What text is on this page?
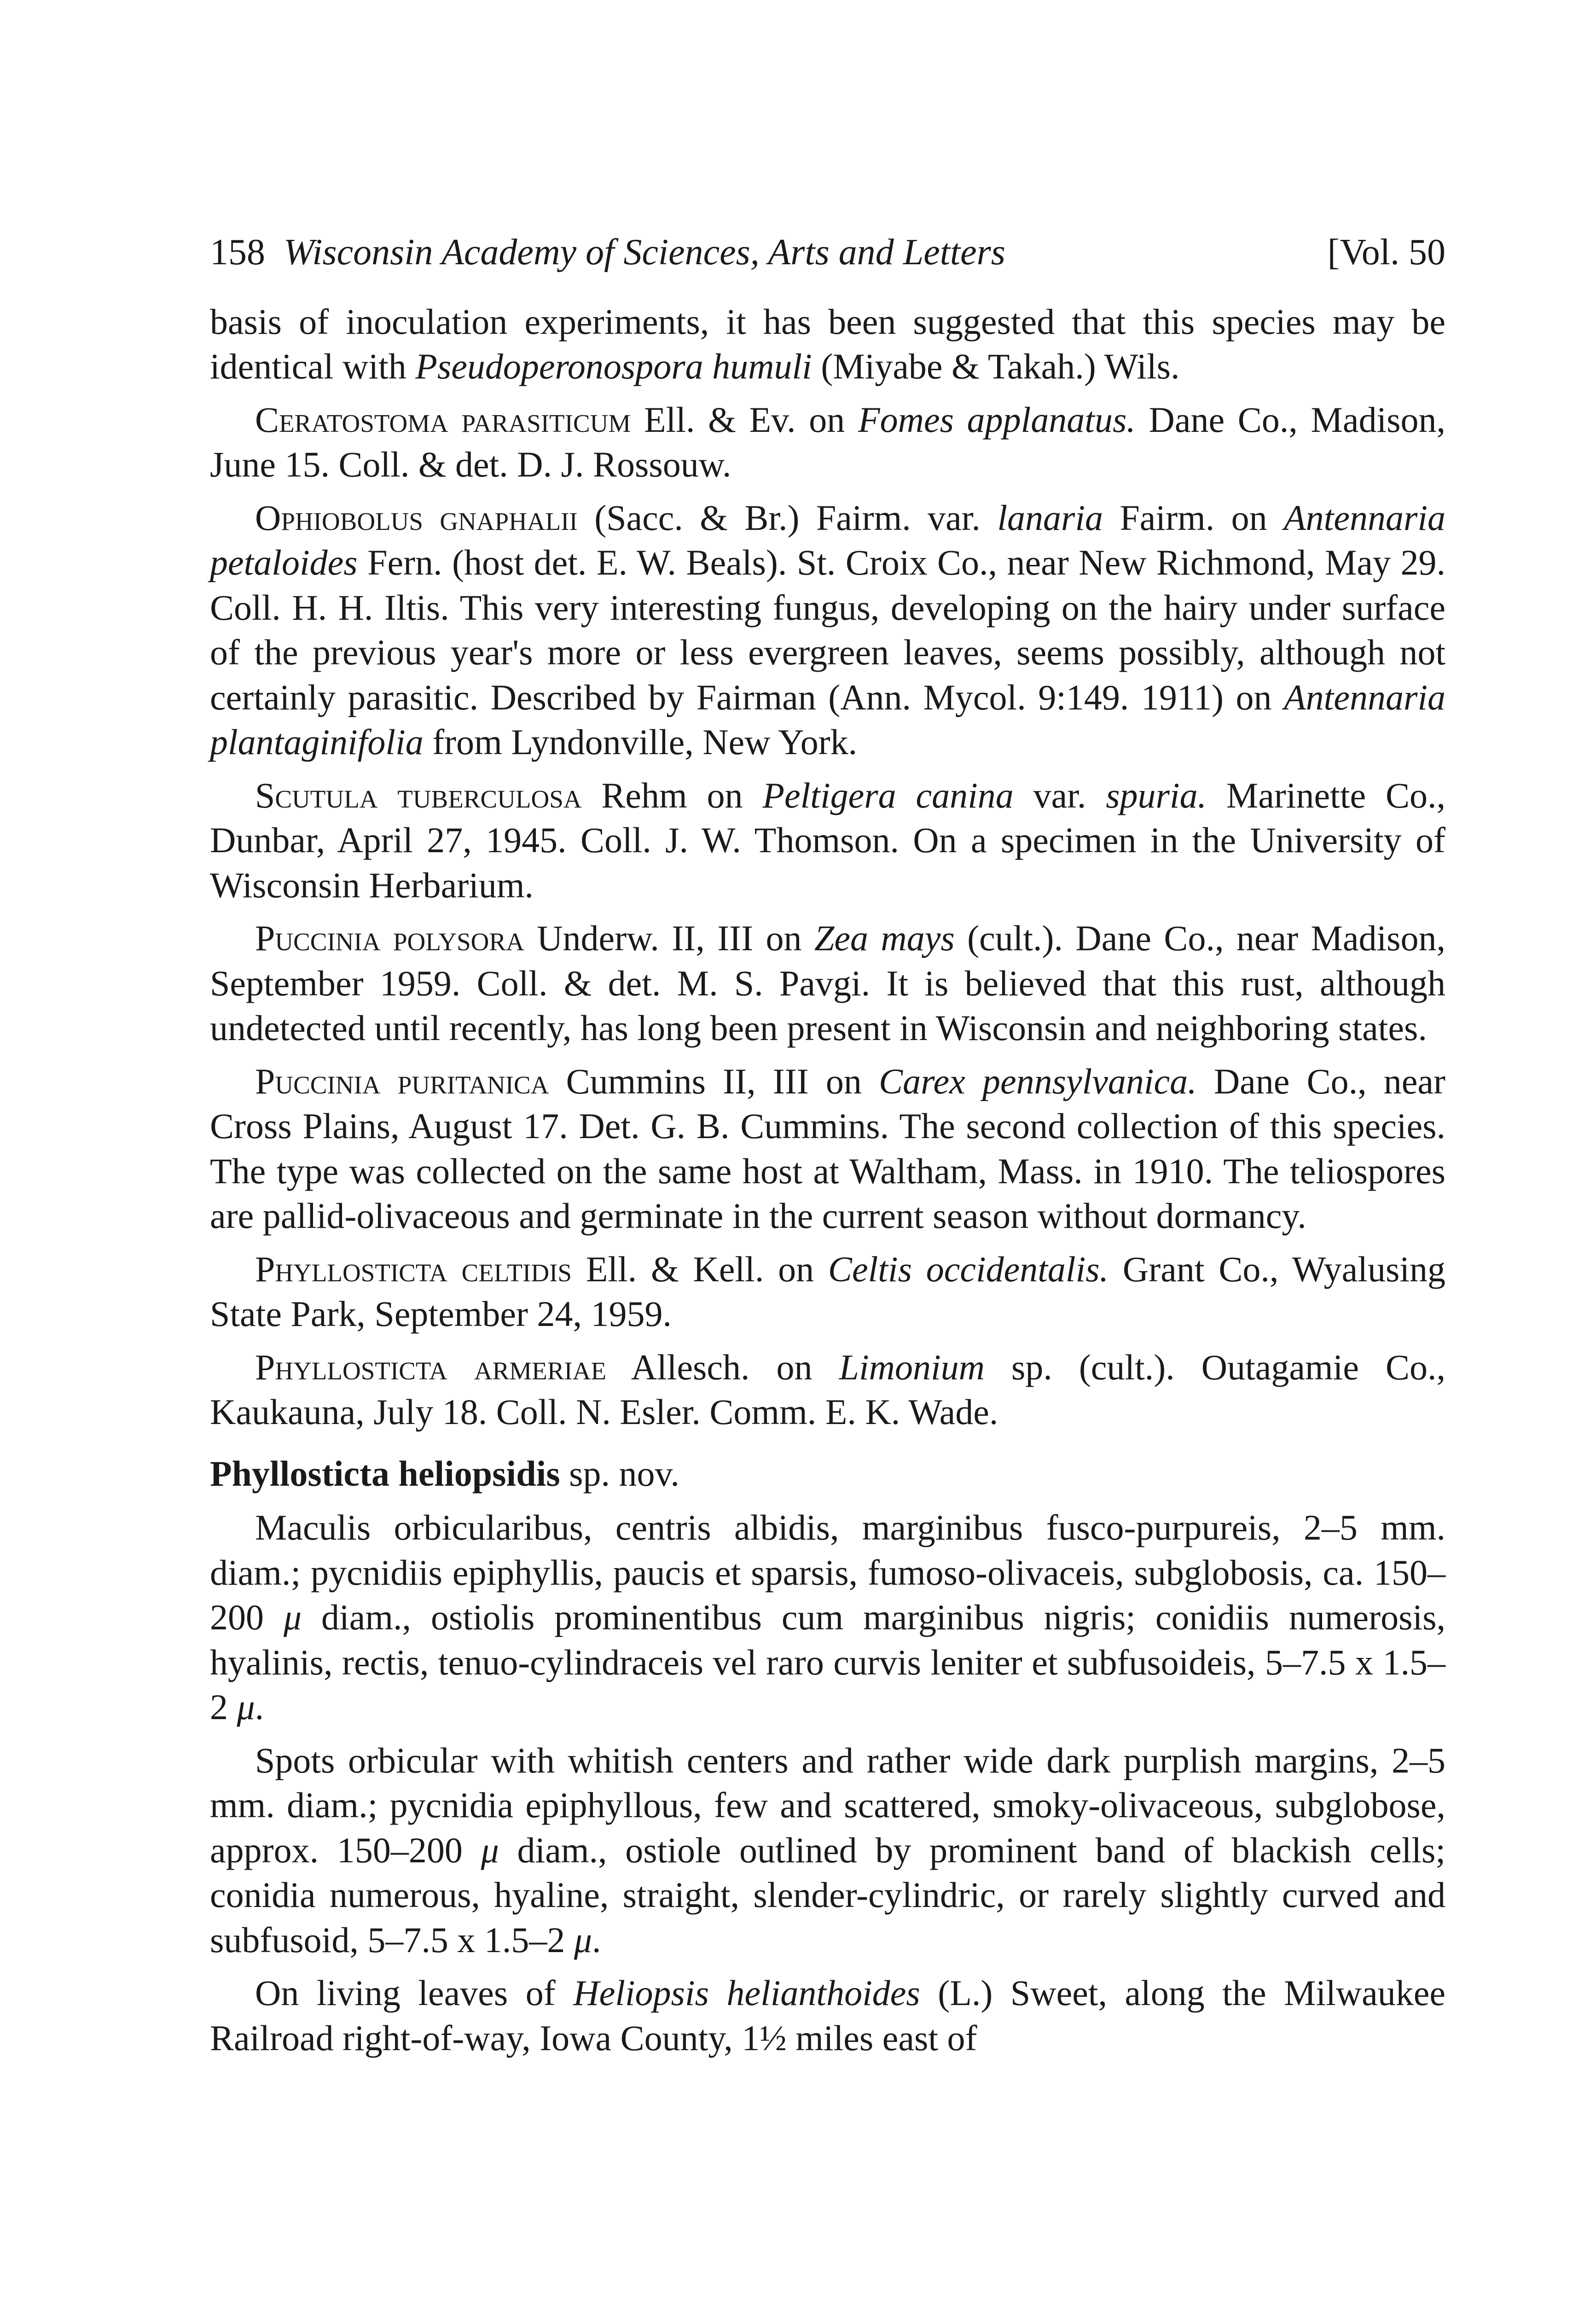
158 Wisconsin Academy of Sciences, Arts and Letters	[Vol. 50

basis of inoculation experiments, it has been suggested that this species may be identical with Pseudoperonospora humuli (Miyabe & Takah.) Wils.

Ceratostoma parasiticum Ell. & Ev. on Fomes applanatus. Dane Co., Madison, June 15. Coll. & det. D. J. Rossouw.

Ophiobolus gnaphalii (Sacc. & Br.) Fairm. var. lanaria Fairm. on Antennaria petaloides Fern. (host det. E. W. Beals). St. Croix Co., near New Richmond, May 29. Coll. H. H. Iltis. This very interesting fungus, developing on the hairy under surface of the previous year's more or less evergreen leaves, seems possibly, although not certainly parasitic. Described by Fairman (Ann. Mycol. 9:149. 1911) on Antennaria plantaginifolia from Lyndonville, New York.

Scutula tuberculosa Rehm on Peltigera canina var. spuria. Marinette Co., Dunbar, April 27, 1945. Coll. J. W. Thomson. On a specimen in the University of Wisconsin Herbarium.

Puccinia polysora Underw. II, III on Zea mays (cult.). Dane Co., near Madison, September 1959. Coll. & det. M. S. Pavgi. It is believed that this rust, although undetected until recently, has long been present in Wisconsin and neighboring states.

Puccinia puritanica Cummins II, III on Carex pennsylvanica. Dane Co., near Cross Plains, August 17. Det. G. B. Cummins. The second collection of this species. The type was collected on the same host at Waltham, Mass. in 1910. The teliospores are pallid-olivaceous and germinate in the current season without dormancy.

Phyllosticta celtidis Ell. & Kell. on Celtis occidentalis. Grant Co., Wyalusing State Park, September 24, 1959.

Phyllosticta armeriae Allesch. on Limonium sp. (cult.). Outagamie Co., Kaukauna, July 18. Coll. N. Esler. Comm. E. K. Wade.

Phyllosticta heliopsidis sp. nov.

Maculis orbicularibus, centris albidis, marginibus fusco-purpureis, 2–5 mm. diam.; pycnidiis epiphyllis, paucis et sparsis, fumoso-olivaceis, subglobosis, ca. 150–200 μ diam., ostiolis prominentibus cum marginibus nigris; conidiis numerosis, hyalinis, rectis, tenuo-cylindraceis vel raro curvis leniter et subfusoideis, 5–7.5 x 1.5–2 μ.

Spots orbicular with whitish centers and rather wide dark purplish margins, 2–5 mm. diam.; pycnidia epiphyllous, few and scattered, smoky-olivaceous, subglobose, approx. 150–200 μ diam., ostiole outlined by prominent band of blackish cells; conidia numerous, hyaline, straight, slender-cylindric, or rarely slightly curved and subfusoid, 5–7.5 x 1.5–2 μ.

On living leaves of Heliopsis helianthoides (L.) Sweet, along the Milwaukee Railroad right-of-way, Iowa County, 1½ miles east of
